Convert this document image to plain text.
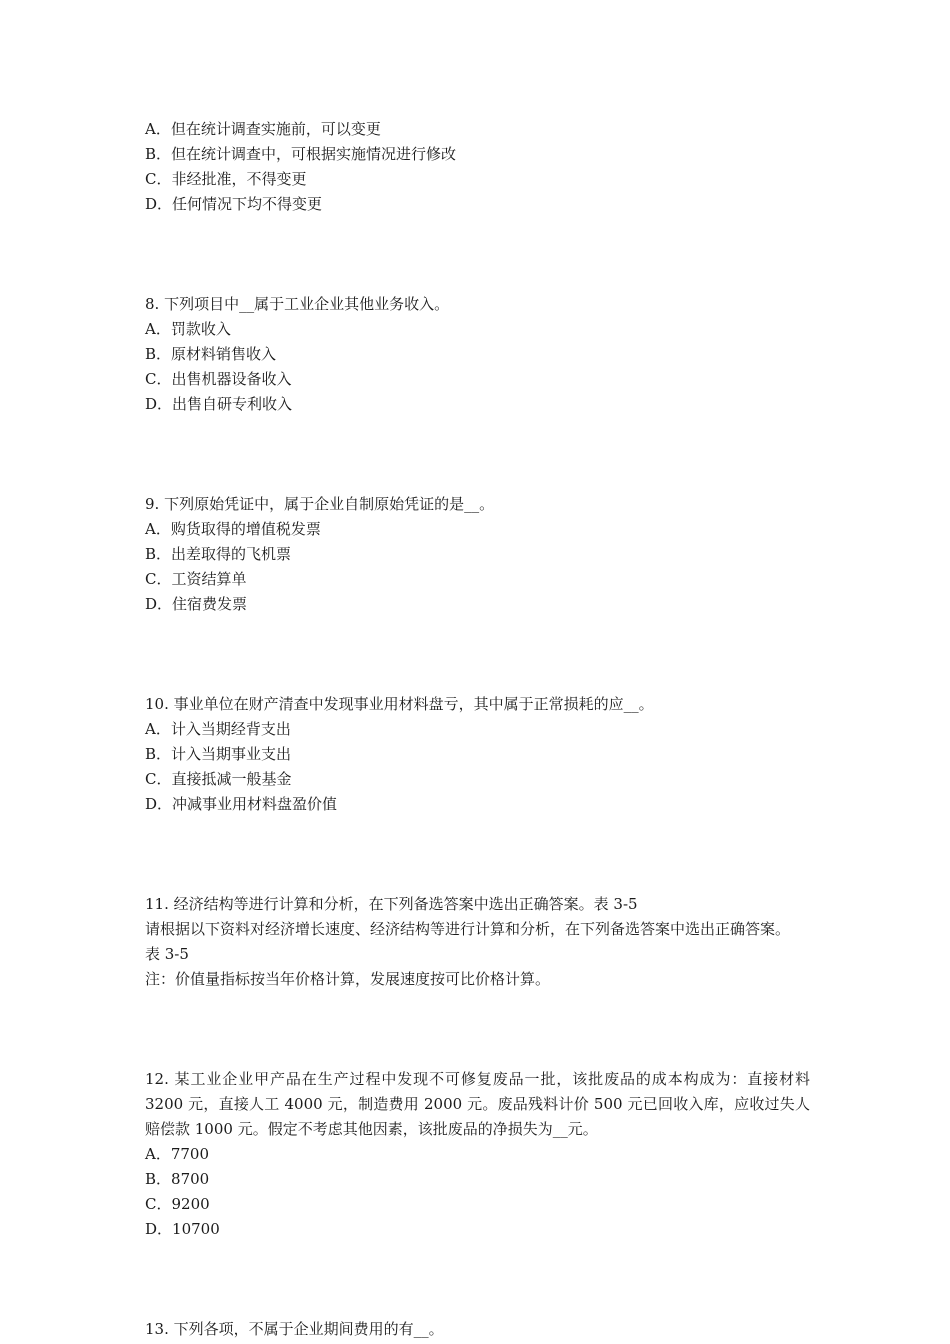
A．但在统计调查实施前，可以变更
B．但在统计调查中，可根据实施情况进行修改
C．非经批准，不得变更
D．任何情况下均不得变更
8. 下列项目中__属于工业企业其他业务收入。
A．罚款收入
B．原材料销售收入
C．出售机器设备收入
D．出售自研专利收入
9. 下列原始凭证中，属于企业自制原始凭证的是__。
A．购货取得的增值税发票
B．出差取得的飞机票
C．工资结算单
D．住宿费发票
10. 事业单位在财产清查中发现事业用材料盘亏，其中属于正常损耗的应__。
A．计入当期经背支出
B．计入当期事业支出
C．直接抵减一般基金
D．冲减事业用材料盘盈价值
11. 经济结构等进行计算和分析，在下列备选答案中选出正确答案。表 3-5
请根据以下资料对经济增长速度、经济结构等进行计算和分析，在下列备选答案中选出正确答案。
表 3-5
注：价值量指标按当年价格计算，发展速度按可比价格计算。
12. 某工业企业甲产品在生产过程中发现不可修复废品一批，该批废品的成本构成为：直接材料 3200 元，直接人工 4000 元，制造费用 2000 元。废品残料计价 500 元已回收入库，应收过失人赔偿款 1000 元。假定不考虑其他因素，该批废品的净损失为__元。
A．7700
B．8700
C．9200
D．10700
13. 下列各项，不属于企业期间费用的有__。
